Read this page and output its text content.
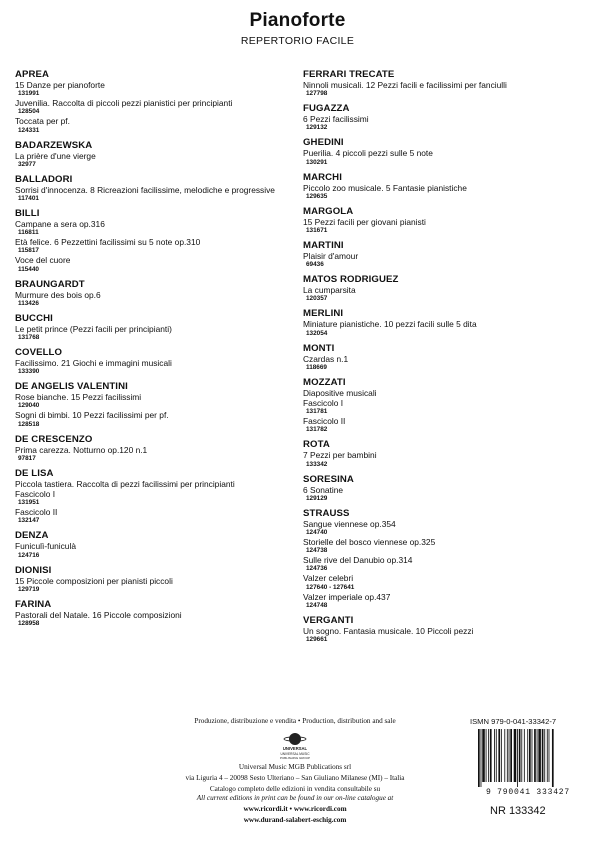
Pianoforte
REPERTORIO FACILE
APREA
15 Danze per pianoforte
131991
Juvenilia. Raccolta di piccoli pezzi pianistici per principianti
128504
Toccata per pf.
124331
BADARZEWSKA
La prière d'une vierge
32977
BALLADORI
Sorrisi d'innocenza. 8 Ricreazioni facilissime, melodiche e progressive
117401
BILLI
Campane a sera op.316
116811
Età felice. 6 Pezzettini facilissimi su 5 note op.310
115817
Voce del cuore
115440
BRAUNGARDT
Murmure des bois op.6
113426
BUCCHI
Le petit prince (Pezzi facili per principianti)
131768
COVELLO
Facilissimo. 21 Giochi e immagini musicali
133390
DE ANGELIS VALENTINI
Rose bianche. 15 Pezzi facilissimi
129040
Sogni di bimbi. 10 Pezzi facilissimi per pf.
128518
DE CRESCENZO
Prima carezza. Notturno op.120 n.1
97817
DE LISA
Piccola tastiera. Raccolta di pezzi facilissimi per principianti
Fascicolo I
131951
Fascicolo II
132147
DENZA
Funiculì-funiculà
124716
DIONISI
15 Piccole composizioni per pianisti piccoli
129719
FARINA
Pastorali del Natale. 16 Piccole composizioni
128958
FERRARI TRECATE
Ninnoli musicali. 12 Pezzi facili e facilissimi per fanciulli
127798
FUGAZZA
6 Pezzi facilissimi
129132
GHEDINI
Puerilia. 4 piccoli pezzi sulle 5 note
130291
MARCHI
Piccolo zoo musicale. 5 Fantasie pianistiche
129635
MARGOLA
15 Pezzi facili per giovani pianisti
131671
MARTINI
Plaisir d'amour
69436
MATOS RODRIGUEZ
La cumparsita
120357
MERLINI
Miniature pianistiche. 10 pezzi facili sulle 5 dita
132054
MONTI
Czardas n.1
118669
MOZZATI
Diapositive musicali
Fascicolo I
131781
Fascicolo II
131782
ROTA
7 Pezzi per bambini
133342
SORESINA
6 Sonatine
129129
STRAUSS
Sangue viennese op.354
124740
Storielle del bosco viennese op.325
124738
Sulle rive del Danubio op.314
124736
Valzer celebri
127640 - 127641
Valzer imperiale op.437
124748
VERGANTI
Un sogno. Fantasia musicale. 10 Piccoli pezzi
129661
Produzione, distribuzione e vendita • Production, distribution and sale
UNIVERSAL
UNIVERSAL MUSIC
PUBLISHING GROUP
Universal Music MGB Publications srl
via Liguria 4 – 20098 Sesto Ulteriano – San Giuliano Milanese (MI) – Italia
Catalogo completo delle edizioni in vendita consultabile su
All current editions in print can be found in our on-line catalogue at
www.ricordi.it • www.ricordi.com
www.durand-salabert-eschig.com
ISMN 979-0-041-33342-7
9 790041 333427
NR 133342
